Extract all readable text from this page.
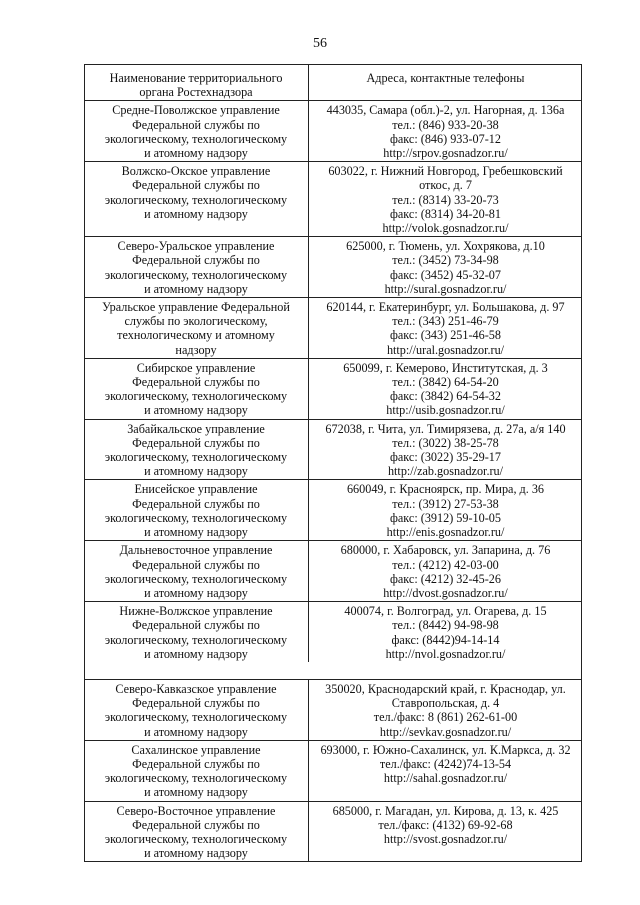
56
Наименование территориального
органа Ростехнадзора
Адреса, контактные телефоны
Средне-Поволжское управление
Федеральной службы по
экологическому, технологическому
и атомному надзору
443035, Самара (обл.)-2, ул. Нагорная, д. 136а
тел.: (846) 933-20-38
факс: (846) 933-07-12
http://srpov.gosnadzor.ru/
Волжско-Окское управление
Федеральной службы по
экологическому, технологическому
и атомному надзору
603022, г. Нижний Новгород, Гребешковский
откос, д. 7
тел.: (8314) 33-20-73
факс: (8314) 34-20-81
http://volok.gosnadzor.ru/
Северо-Уральское управление
Федеральной службы по
экологическому, технологическому
и атомному надзору
625000, г. Тюмень, ул. Хохрякова, д.10
тел.: (3452) 73-34-98
факс: (3452) 45-32-07
http://sural.gosnadzor.ru/
Уральское управление Федеральной
службы по экологическому,
технологическому и атомному
надзору
620144, г. Екатеринбург, ул. Большакова, д. 97
тел.: (343) 251-46-79
факс: (343) 251-46-58
http://ural.gosnadzor.ru/
Сибирское управление
Федеральной службы по
экологическому, технологическому
и атомному надзору
650099, г. Кемерово, Институтская, д. 3
тел.: (3842) 64-54-20
факс: (3842) 64-54-32
http://usib.gosnadzor.ru/
Забайкальское управление
Федеральной службы по
экологическому, технологическому
и атомному надзору
672038, г. Чита, ул. Тимирязева, д. 27а, а/я 140
тел.: (3022) 38-25-78
факс: (3022) 35-29-17
http://zab.gosnadzor.ru/
Енисейское управление
Федеральной службы по
экологическому, технологическому
и атомному надзору
660049, г. Красноярск, пр. Мира, д. 36
тел.: (3912) 27-53-38
факс: (3912) 59-10-05
http://enis.gosnadzor.ru/
Дальневосточное управление
Федеральной службы по
экологическому, технологическому
и атомному надзору
680000, г. Хабаровск, ул. Запарина, д. 76
тел.: (4212) 42-03-00
факс: (4212) 32-45-26
http://dvost.gosnadzor.ru/
Нижне-Волжское управление
Федеральной службы по
экологическому, технологическому
и атомному надзору
400074, г. Волгоград, ул. Огарева, д. 15
тел.: (8442) 94-98-98
факс: (8442)94-14-14
http://nvol.gosnadzor.ru/
Северо-Кавказское управление
Федеральной службы по
экологическому, технологическому
и атомному надзору
350020, Краснодарский край, г. Краснодар, ул.
Ставропольская, д. 4
тел./факс: 8 (861) 262-61-00
http://sevkav.gosnadzor.ru/
Сахалинское управление
Федеральной службы по
экологическому, технологическому
и атомному надзору
693000, г. Южно-Сахалинск, ул. К.Маркса, д. 32
тел./факс: (4242)74-13-54
http://sahal.gosnadzor.ru/
Северо-Восточное управление
Федеральной службы по
экологическому, технологическому
и атомному надзору
685000, г. Магадан, ул. Кирова, д. 13, к. 425
тел./факс: (4132) 69-92-68
http://svost.gosnadzor.ru/
